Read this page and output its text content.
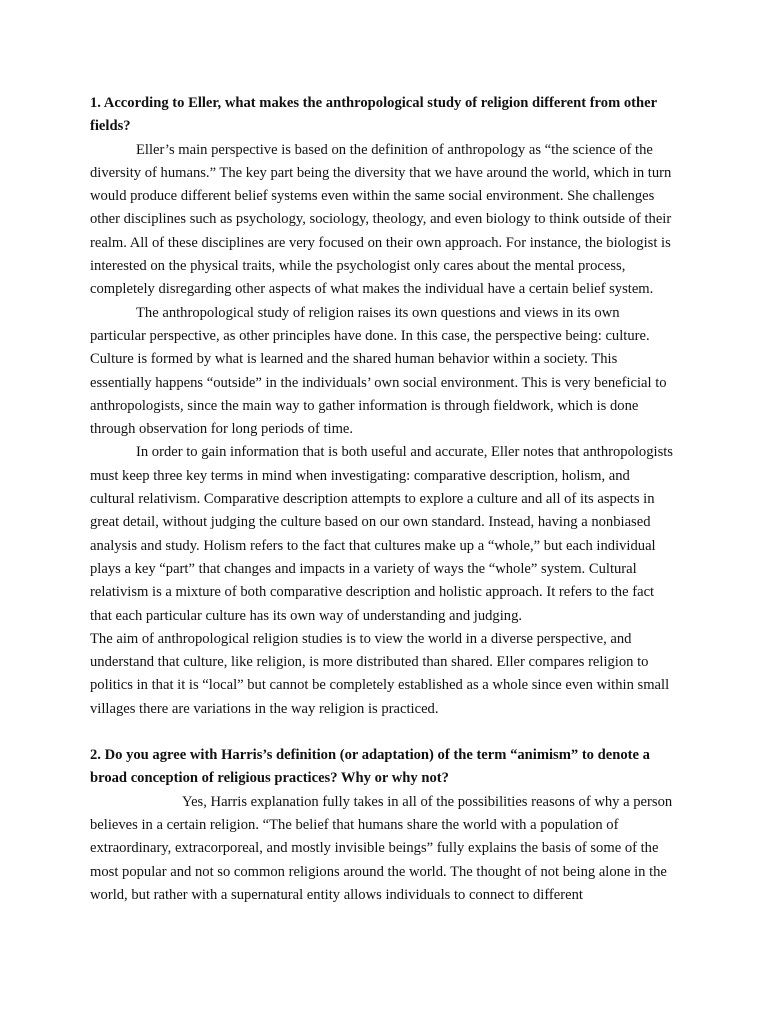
1. According to Eller, what makes the anthropological study of religion different from other fields?

Eller’s main perspective is based on the definition of anthropology as “the science of the diversity of humans.” The key part being the diversity that we have around the world, which in turn would produce different belief systems even within the same social environment. She challenges other disciplines such as psychology, sociology, theology, and even biology to think outside of their realm. All of these disciplines are very focused on their own approach. For instance, the biologist is interested on the physical traits, while the psychologist only cares about the mental process, completely disregarding other aspects of what makes the individual have a certain belief system.

The anthropological study of religion raises its own questions and views in its own particular perspective, as other principles have done. In this case, the perspective being: culture. Culture is formed by what is learned and the shared human behavior within a society. This essentially happens “outside” in the individuals’ own social environment. This is very beneficial to anthropologists, since the main way to gather information is through fieldwork, which is done through observation for long periods of time.

In order to gain information that is both useful and accurate, Eller notes that anthropologists must keep three key terms in mind when investigating: comparative description, holism, and cultural relativism. Comparative description attempts to explore a culture and all of its aspects in great detail, without judging the culture based on our own standard. Instead, having a nonbiased analysis and study. Holism refers to the fact that cultures make up a “whole,” but each individual plays a key “part” that changes and impacts in a variety of ways the “whole” system. Cultural relativism is a mixture of both comparative description and holistic approach. It refers to the fact that each particular culture has its own way of understanding and judging.

The aim of anthropological religion studies is to view the world in a diverse perspective, and understand that culture, like religion, is more distributed than shared. Eller compares religion to politics in that it is “local” but cannot be completely established as a whole since even within small villages there are variations in the way religion is practiced.

2. Do you agree with Harris’s definition (or adaptation) of the term “animism” to denote a broad conception of religious practices? Why or why not?

Yes, Harris explanation fully takes in all of the possibilities reasons of why a person believes in a certain religion. “The belief that humans share the world with a population of extraordinary, extracorporeal, and mostly invisible beings” fully explains the basis of some of the most popular and not so common religions around the world. The thought of not being alone in the world, but rather with a supernatural entity allows individuals to connect to different
